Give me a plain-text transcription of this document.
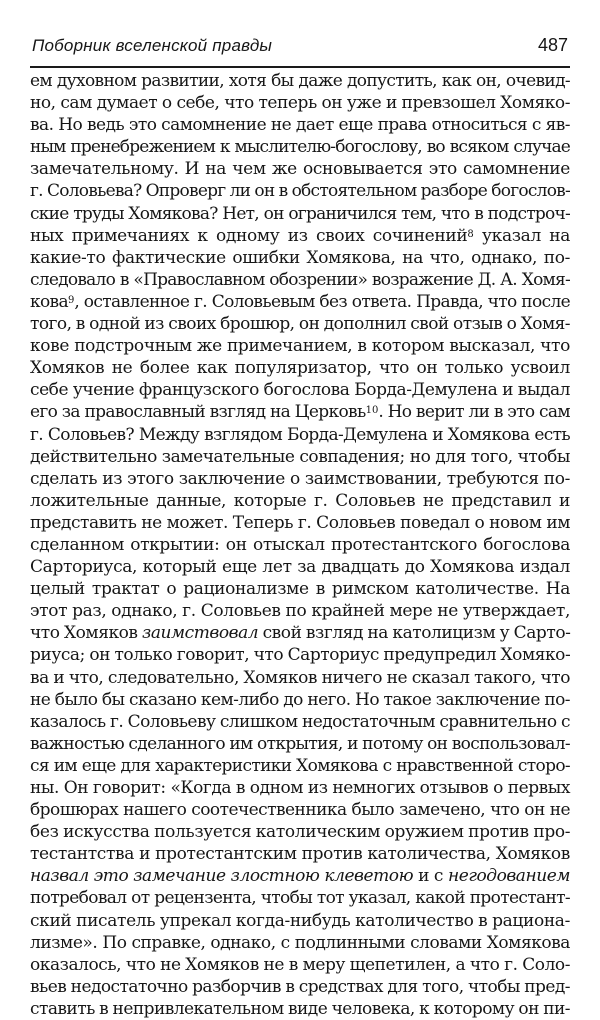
Поборник вселенской правды	487
ем духовном развитии, хотя бы даже допустить, как он, очевид-
но, сам думает о себе, что теперь он уже и превзошел Хомяко-
ва. Но ведь это самомнение не дает еще права относиться с яв-
ным пренебрежением к мыслителю-богослову, во всяком случае
замечательному. И на чем же основывается это самомнение
г. Соловьева? Опроверг ли он в обстоятельном разборе богослов-
ские труды Хомякова? Нет, он ограничился тем, что в подстроч-
ных примечаниях к одному из своих сочинений$^8$ указал на
какие-то фактические ошибки Хомякова, на что, однако, по-
следовало в «Православном обозрении» возражение Д. А. Хомя-
кова$^9$, оставленное г. Соловьевым без ответа. Правда, что после
того, в одной из своих брошюр, он дополнил свой отзыв о Хомя-
кове подстрочным же примечанием, в котором высказал, что
Хомяков не более как популяризатор, что он только усвоил
себе учение французского богослова Борда-Демулена и выдал
его за православный взгляд на Церковь$^{10}$. Но верит ли в это сам
г. Соловьев? Между взглядом Борда-Демулена и Хомякова есть
действительно замечательные совпадения; но для того, чтобы
сделать из этого заключение о заимствовании, требуются по-
ложительные данные, которые г. Соловьев не представил и
представить не может. Теперь г. Соловьев поведал о новом им
сделанном открытии: он отыскал протестантского богослова
Сарториуса, который еще лет за двадцать до Хомякова издал
целый трактат о рационализме в римском католичестве. На
этот раз, однако, г. Соловьев по крайней мере не утверждает,
что Хомяков заимствовал свой взгляд на католицизм у Сарто-
риуса; он только говорит, что Сарториус предупредил Хомяко-
ва и что, следовательно, Хомяков ничего не сказал такого, что
не было бы сказано кем-либо до него. Но такое заключение по-
казалось г. Соловьеву слишком недостаточным сравнительно с
важностью сделанного им открытия, и потому он воспользовал-
ся им еще для характеристики Хомякова с нравственной сторо-
ны. Он говорит: «Когда в одном из немногих отзывов о первых
брошюрах нашего соотечественника было замечено, что он не
без искусства пользуется католическим оружием против про-
тестантства и протестантским против католичества, Хомяков
назвал это замечание злостною клеветою и с негодованием
потребовал от рецензента, чтобы тот указал, какой протестант-
ский писатель упрекал когда-нибудь католичество в рациона-
лизме». По справке, однако, с подлинными словами Хомякова
оказалось, что не Хомяков не в меру щепетилен, а что г. Соло-
вьев недостаточно разборчив в средствах для того, чтобы пред-
ставить в непривлекательном виде человека, к которому он пи-
